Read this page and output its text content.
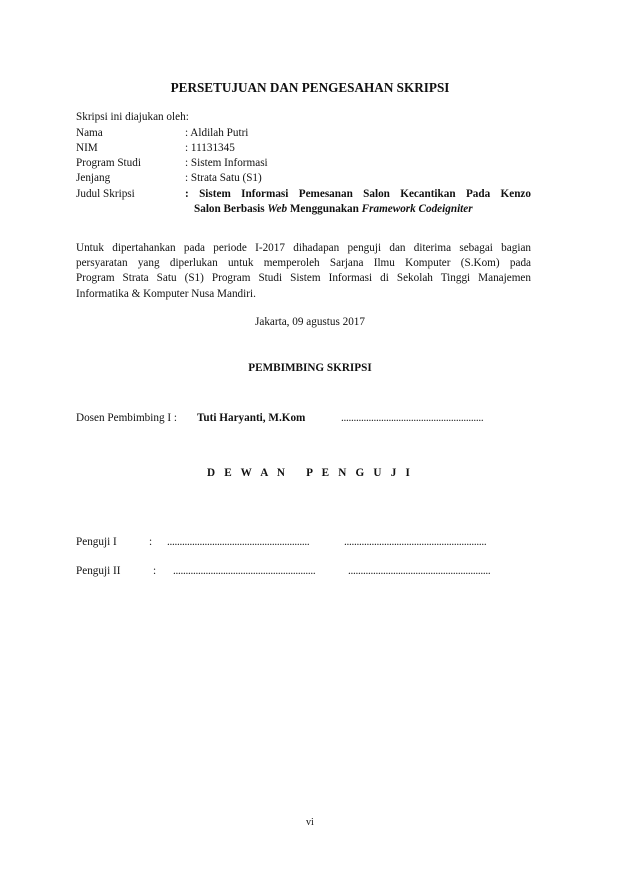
PERSETUJUAN DAN PENGESAHAN SKRIPSI
Skripsi ini diajukan oleh:
Nama	: Aldilah Putri
NIM	: 11131345
Program Studi	: Sistem Informasi
Jenjang	: Strata Satu (S1)
Judul Skripsi	: Sistem Informasi Pemesanan Salon Kecantikan Pada Kenzo
Salon Berbasis Web Menggunakan Framework Codeigniter
Untuk dipertahankan pada periode I-2017 dihadapan penguji dan diterima sebagai bagian
persyaratan yang diperlukan untuk memperoleh Sarjana Ilmu Komputer (S.Kom) pada
Program Strata Satu (S1) Program Studi Sistem Informasi di Sekolah Tinggi Manajemen
Informatika & Komputer Nusa Mandiri.
Jakarta, 09 agustus 2017
PEMBIMBING SKRIPSI
Dosen Pembimbing I : Tuti Haryanti, M.Kom	.........................................................
D E W A N   P E N G U J I
Penguji I	: .........................................................	.........................................................
Penguji II	: .........................................................	.........................................................
vi
